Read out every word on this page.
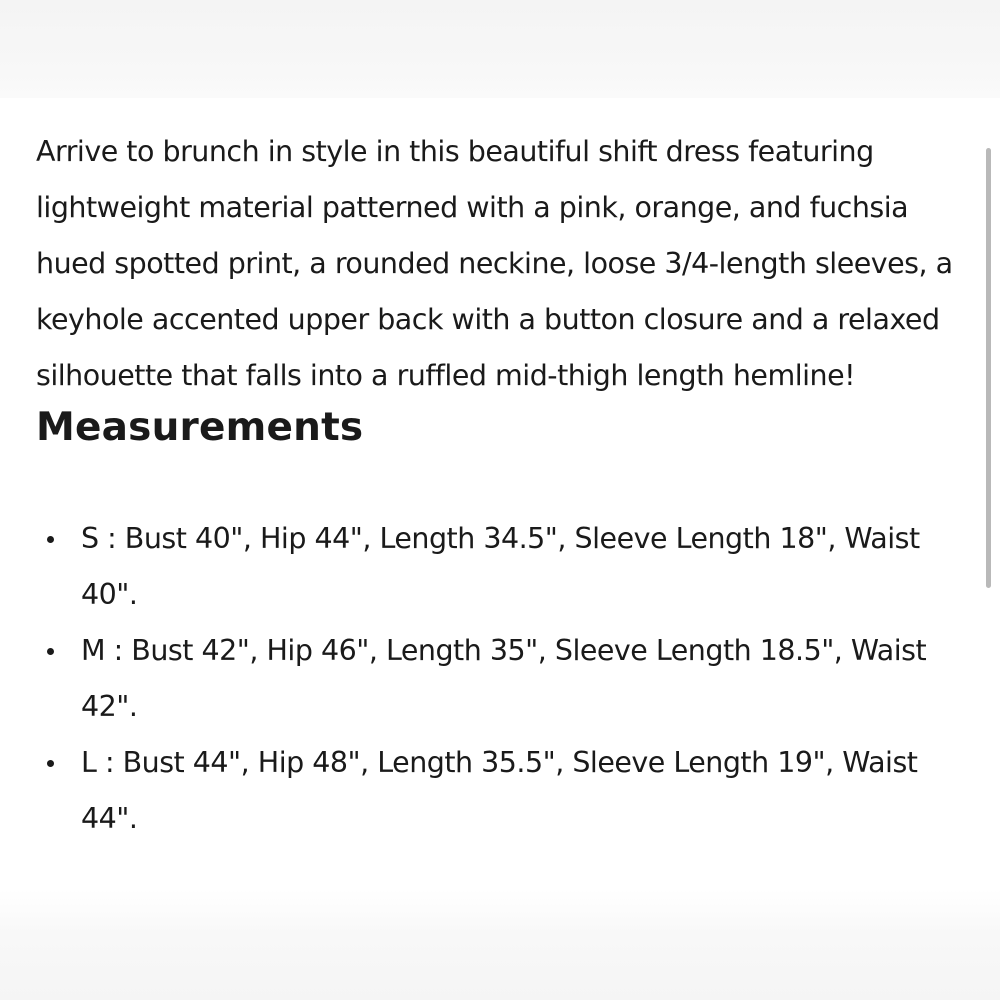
Arrive to brunch in style in this beautiful shift dress featuring lightweight material patterned with a pink, orange, and fuchsia hued spotted print, a rounded neckine, loose 3/4-length sleeves, a keyhole accented upper back with a button closure and a relaxed silhouette that falls into a ruffled mid-thigh length hemline!

Measurements
S : Bust 40", Hip 44", Length 34.5", Sleeve Length 18", Waist 40".
M : Bust 42", Hip 46", Length 35", Sleeve Length 18.5", Waist 42".
L : Bust 44", Hip 48", Length 35.5", Sleeve Length 19", Waist 44".
